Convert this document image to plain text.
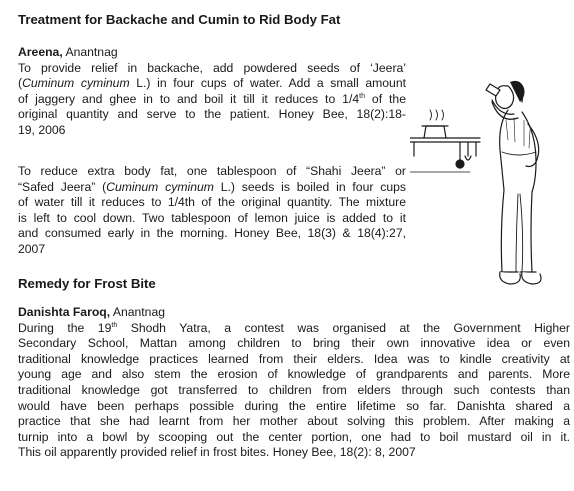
Treatment for Backache and Cumin to Rid Body Fat
Areena, Anantnag
To provide relief in backache, add powdered seeds of ‘Jeera’
(Cuminum cyminum L.) in four cups of water. Add a small amount
of jaggery and ghee in to and boil it till it reduces to 1/4th of the
original quantity and serve to the patient. Honey Bee, 18(2):18-
19, 2006
To reduce extra body fat, one tablespoon of “Shahi Jeera” or
“Safed Jeera” (Cuminum cyminum L.) seeds is boiled in four cups
of water till it reduces to 1/4th of the original quantity. The mixture
is left to cool down. Two tablespoon of lemon juice is added to it
and consumed early in the morning. Honey Bee, 18(3) & 18(4):27,
2007
Remedy for Frost Bite
Danishta Faroq, Anantnag
During the 19th Shodh Yatra, a contest was organised at the Government Higher
Secondary School, Mattan among children to bring their own innovative idea or even
traditional knowledge practices learned from their elders. Idea was to kindle creativity at
young age and also stem the erosion of knowledge of grandparents and parents. More
traditional knowledge got transferred to children from elders through such contests than
would have been perhaps possible during the entire lifetime so far. Danishta shared a
practice that she had learnt from her mother about solving this problem. After making a
turnip into a bowl by scooping out the center portion, one had to boil mustard oil in it.
This oil apparently provided relief in frost bites. Honey Bee, 18(2): 8, 2007
